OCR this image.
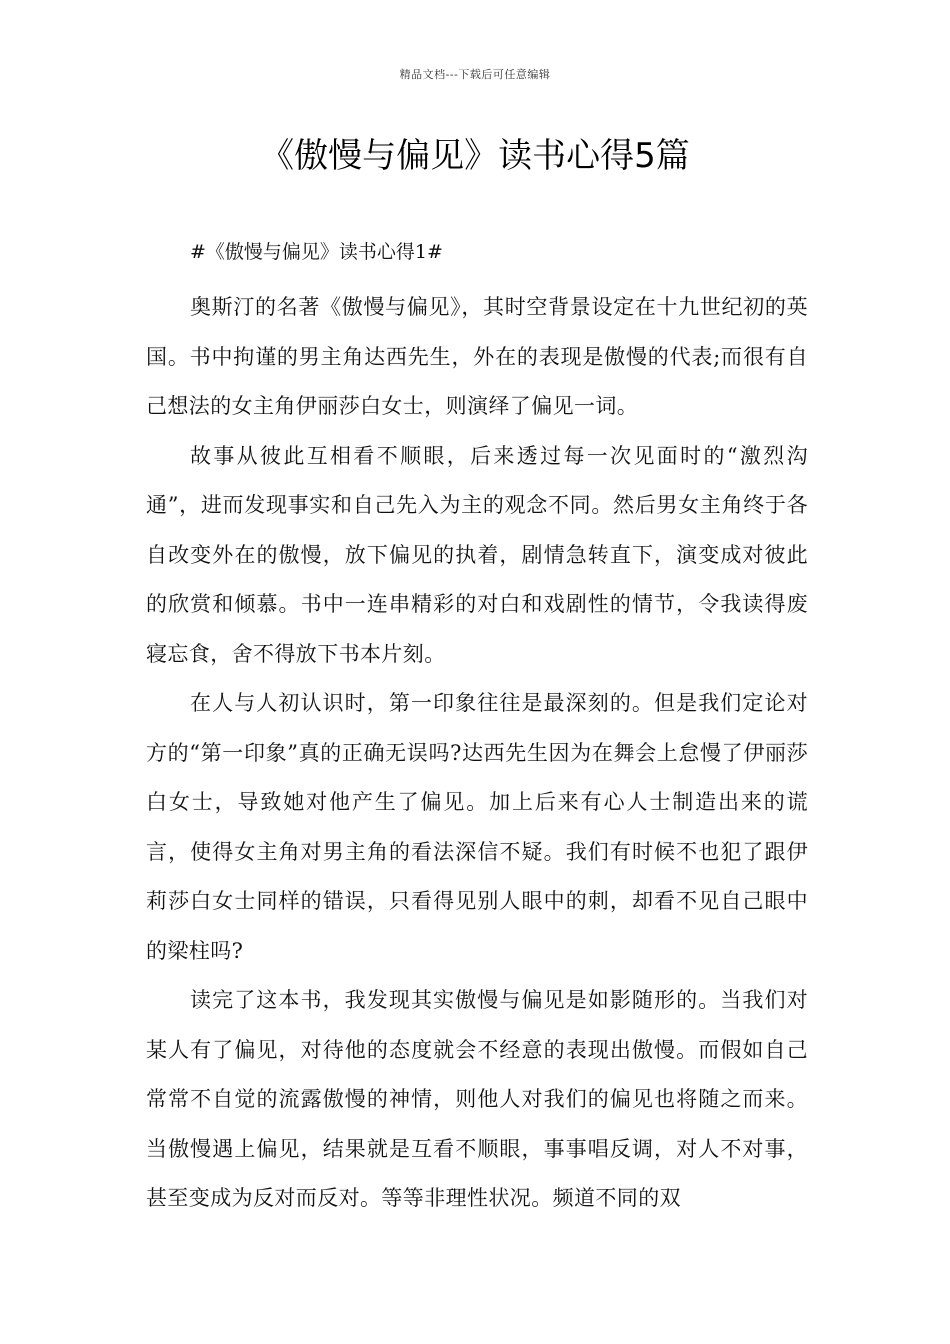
精品文档---下载后可任意编辑
《傲慢与偏见》读书心得5篇

#《傲慢与偏见》读书心得1#

奥斯汀的名著《傲慢与偏见》，其时空背景设定在十九世纪初的英国。书中拘谨的男主角达西先生，外在的表现是傲慢的代表;而很有自己想法的女主角伊丽莎白女士，则演绎了偏见一词。

故事从彼此互相看不顺眼，后来透过每一次见面时的“激烈沟通”，进而发现事实和自己先入为主的观念不同。然后男女主角终于各自改变外在的傲慢，放下偏见的执着，剧情急转直下，演变成对彼此的欣赏和倾慕。书中一连串精彩的对白和戏剧性的情节，令我读得废寝忘食，舍不得放下书本片刻。

在人与人初认识时，第一印象往往是最深刻的。但是我们定论对方的“第一印象”真的正确无误吗?达西先生因为在舞会上怠慢了伊丽莎白女士，导致她对他产生了偏见。加上后来有心人士制造出来的谎言，使得女主角对男主角的看法深信不疑。我们有时候不也犯了跟伊莉莎白女士同样的错误，只看得见别人眼中的刺，却看不见自己眼中的梁柱吗?

读完了这本书，我发现其实傲慢与偏见是如影随形的。当我们对某人有了偏见，对待他的态度就会不经意的表现出傲慢。而假如自己常常不自觉的流露傲慢的神情，则他人对我们的偏见也将随之而来。当傲慢遇上偏见，结果就是互看不顺眼，事事唱反调，对人不对事，甚至变成为反对而反对。等等非理性状况。频道不同的双
